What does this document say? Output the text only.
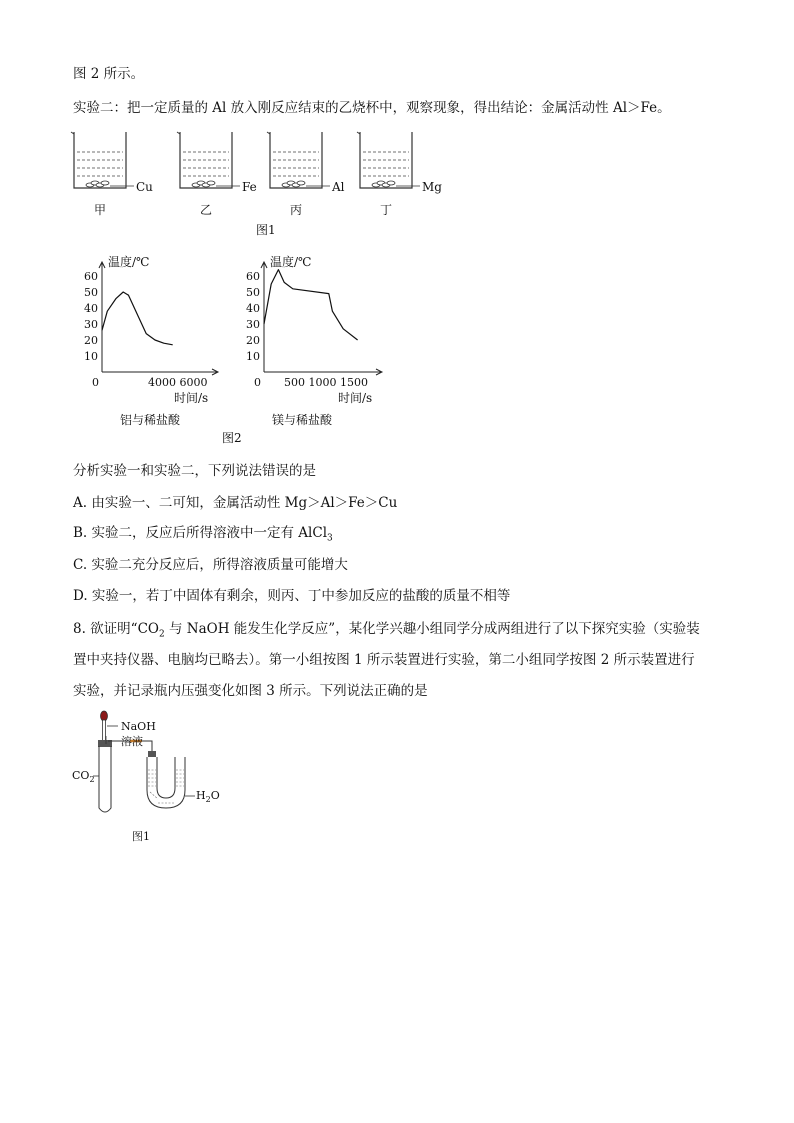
图 2 所示。
实验二：把一定质量的 Al 放入刚反应结束的乙烧杯中，观察现象，得出结论：金属活动性 Al＞Fe。
Cu
甲
Fe
乙
Al
丙
Mg
丁
图1
60
50
40
30
20
10
温度/℃
0	4000 6000
时间/s
铝与稀盐酸
60
50
40
30
20
10
温度/℃
0 500 1000 1500
时间/s
镁与稀盐酸
图2
分析实验一和实验二，下列说法错误的是
A. 由实验一、二可知，金属活动性 Mg＞Al＞Fe＞Cu
B. 实验二，反应后所得溶液中一定有 AlCl$_3$
C. 实验二充分反应后，所得溶液质量可能增大
D. 实验一，若丁中固体有剩余，则丙、丁中参加反应的盐酸的质量不相等
8. 欲证明“$CO_2$ 与 NaOH 能发生化学反应”，某化学兴趣小组同学分成两组进行了以下探究实验（实验装
置中夹持仪器、电脑均已略去）。第一小组按图 1 所示装置进行实验，第二小组同学按图 2 所示装置进行
实验，并记录瓶内压强变化如图 3 所示。下列说法正确的是
NaOH
溶液
$CO_2$
$H_2O$
图1
